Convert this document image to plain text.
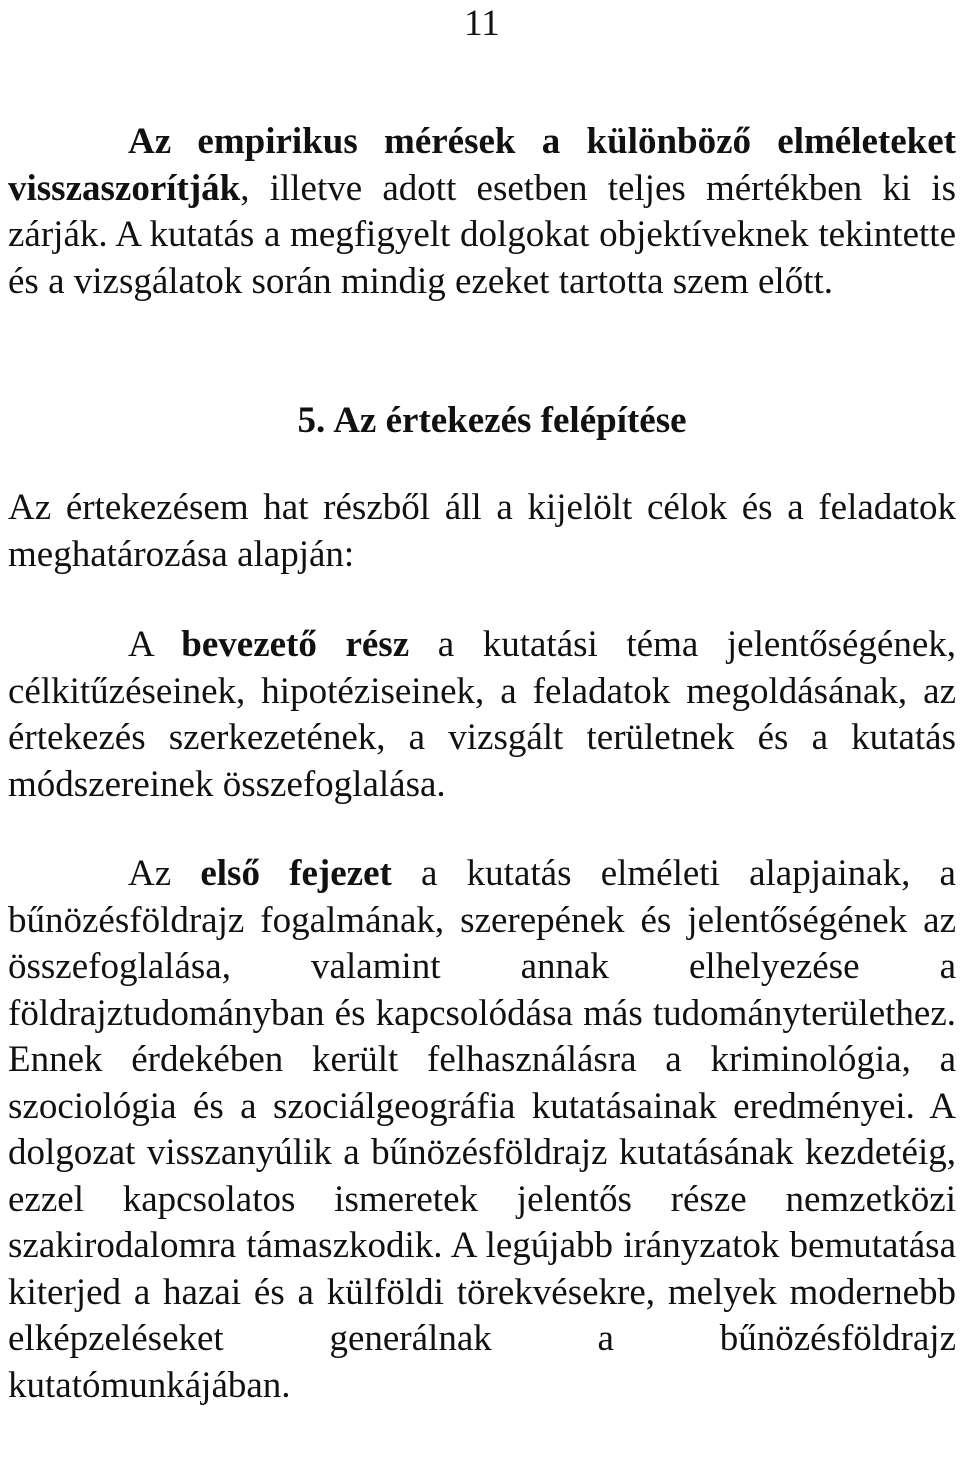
11

Az empirikus mérések a különböző elméleteket visszaszorítják, illetve adott esetben teljes mértékben ki is zárják. A kutatás a megfigyelt dolgokat objektíveknek tekintette és a vizsgálatok során mindig ezeket tartotta szem előtt.

5. Az értekezés felépítése

Az értekezésem hat részből áll a kijelölt célok és a feladatok meghatározása alapján:

A bevezető rész a kutatási téma jelentőségének, célkitűzéseinek, hipotéziseinek, a feladatok megoldásának, az értekezés szerkezetének, a vizsgált területnek és a kutatás módszereinek összefoglalása.

Az első fejezet a kutatás elméleti alapjainak, a bűnözésföldrajz fogalmának, szerepének és jelentőségének az összefoglalása, valamint annak elhelyezése a földrajztudományban és kapcsolódása más tudományterülethez. Ennek érdekében került felhasználásra a kriminológia, a szociológia és a szociálgeográfia kutatásainak eredményei. A dolgozat visszanyúlik a bűnözésföldrajz kutatásának kezdetéig, ezzel kapcsolatos ismeretek jelentős része nemzetközi szakirodalomra támaszkodik. A legújabb irányzatok bemutatása kiterjed a hazai és a külföldi törekvésekre, melyek modernebb elképzeléseket generálnak a bűnözésföldrajz kutatómunkájában.
